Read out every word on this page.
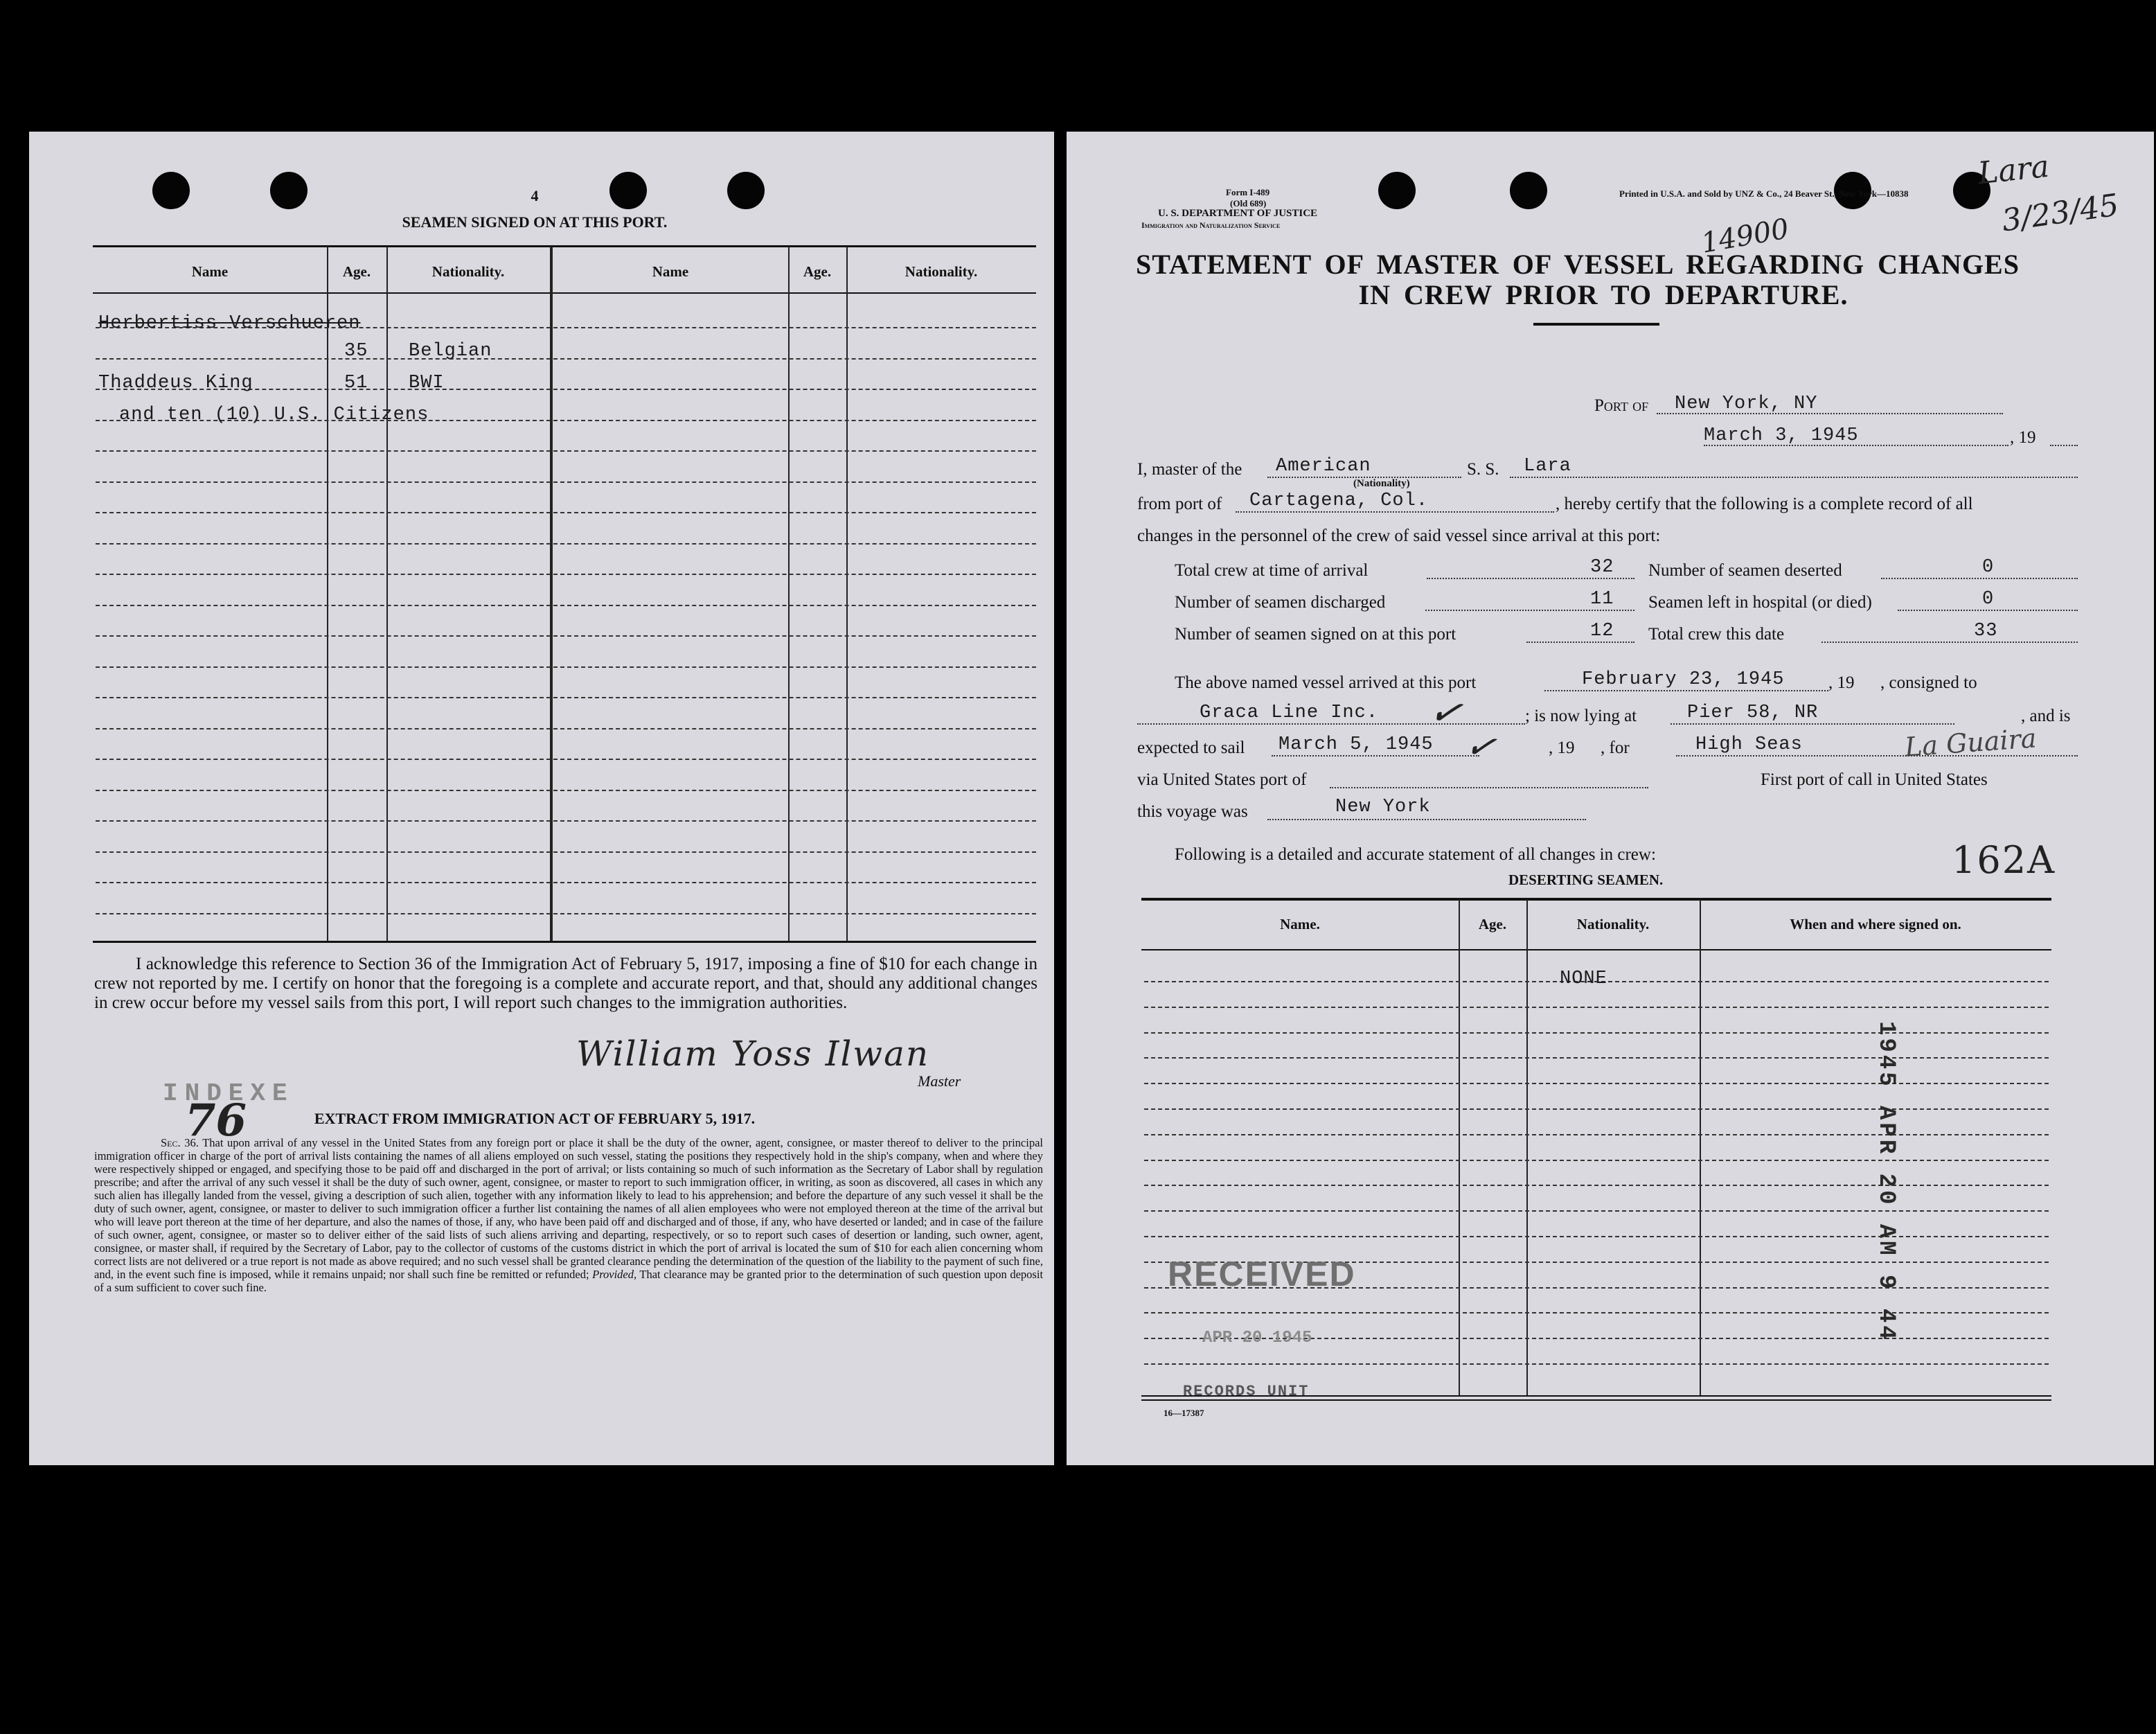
4
SEAMEN SIGNED ON AT THIS PORT.
Name	Age.	Nationality.	Name	Age.	Nationality.
Herbertiss Verschueren
35 Belgian
Thaddeus King	51 BWI
and ten (10) U.S. Citizens
I acknowledge this reference to Section 36 of the Immigration Act of February 5, 1917, imposing a fine of $10 for each change in crew not reported by me. I certify on honor that the foregoing is a complete and accurate report, and that, should any additional changes in crew occur before my vessel sails from this port, I will report such changes to the immigration authorities.
William Yoss Ilwan
Master
INDEXE
76	EXTRACT FROM IMMIGRATION ACT OF FEBRUARY 5, 1917.
Sec. 36. That upon arrival of any vessel in the United States from any foreign port or place it shall be the duty of the owner, agent, consignee, or master thereof to deliver to the principal immigration officer in charge of the port of arrival lists containing the names of all aliens employed on such vessel, stating the positions they respectively hold in the ship's company, when and where they were respectively shipped or engaged, and specifying those to be paid off and discharged in the port of arrival; or lists containing so much of such information as the Secretary of Labor shall by regulation prescribe; and after the arrival of any such vessel it shall be the duty of such owner, agent, consignee, or master to report to such immigration officer, in writing, as soon as discovered, all cases in which any such alien has illegally landed from the vessel, giving a description of such alien, together with any information likely to lead to his apprehension; and before the departure of any such vessel it shall be the duty of such owner, agent, consignee, or master to deliver to such immigration officer a further list containing the names of all alien employees who were not employed thereon at the time of the arrival but who will leave port thereon at the time of her departure, and also the names of those, if any, who have been paid off and discharged and of those, if any, who have deserted or landed; and in case of the failure of such owner, agent, consignee, or master so to deliver either of the said lists of such aliens arriving and departing, respectively, or so to report such cases of desertion or landing, such owner, agent, consignee, or master shall, if required by the Secretary of Labor, pay to the collector of customs of the customs district in which the port of arrival is located the sum of $10 for each alien concerning whom correct lists are not delivered or a true report is not made as above required; and no such vessel shall be granted clearance pending the determination of the question of the liability to the payment of such fine, and, in the event such fine is imposed, while it remains unpaid; nor shall such fine be remitted or refunded; Provided, That clearance may be granted prior to the determination of such question upon deposit of a sum sufficient to cover such fine.
Form I-489
(Old 689)
U. S. DEPARTMENT OF JUSTICE
Immigration and Naturalization Service
Printed in U.S.A. and Sold by UNZ & Co., 24 Beaver St., New York—10838
Lara
3/23/45
14900
STATEMENT OF MASTER OF VESSEL REGARDING CHANGES
IN CREW PRIOR TO DEPARTURE.
Port of New York, NY
March 3, 1945	, 19
I, master of the American
(Nationality)
S. S. Lara
from port of Cartagena, Col.	, hereby certify that the following is a complete record of all
changes in the personnel of the crew of said vessel since arrival at this port:
Total crew at time of arrival	32 Number of seamen deserted	0
Number of seamen discharged	11 Seamen left in hospital (or died)	0
Number of seamen signed on at this port	12 Total crew this date	33
The above named vessel arrived at this port	February 23, 1945	, 19      , consigned to
Graca Line Inc. ✓	; is now lying at	Pier 58, NR	, and is
expected to sail March 5, 1945 ✓	, 19      , for	High Seas	La Guaira
via United States port of	First port of call in United States
this voyage was	New York
Following is a detailed and accurate statement of all changes in crew:
DESERTING SEAMEN.	162A
Name.	Age.	Nationality.	When and where signed on.
NONE
1945 APR 20 AM 9 44
RECEIVED
APR 20 1945
RECORDS UNIT
16—17387
